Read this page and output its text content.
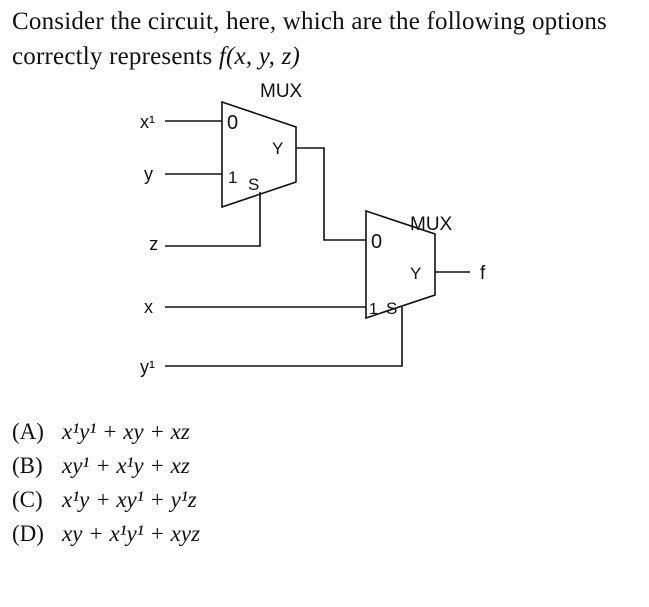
Consider the circuit, here, which are the following options correctly represents f(x, y, z)
MUX
0
1 S
Y
MUX
0
1 S
Y
x¹
y
z
x
y¹
f
(A) x¹y¹ + xy + xz
(B) xy¹ + x¹y + xz
(C) x¹y + xy¹ + y¹z
(D) xy + x¹y¹ + xyz
